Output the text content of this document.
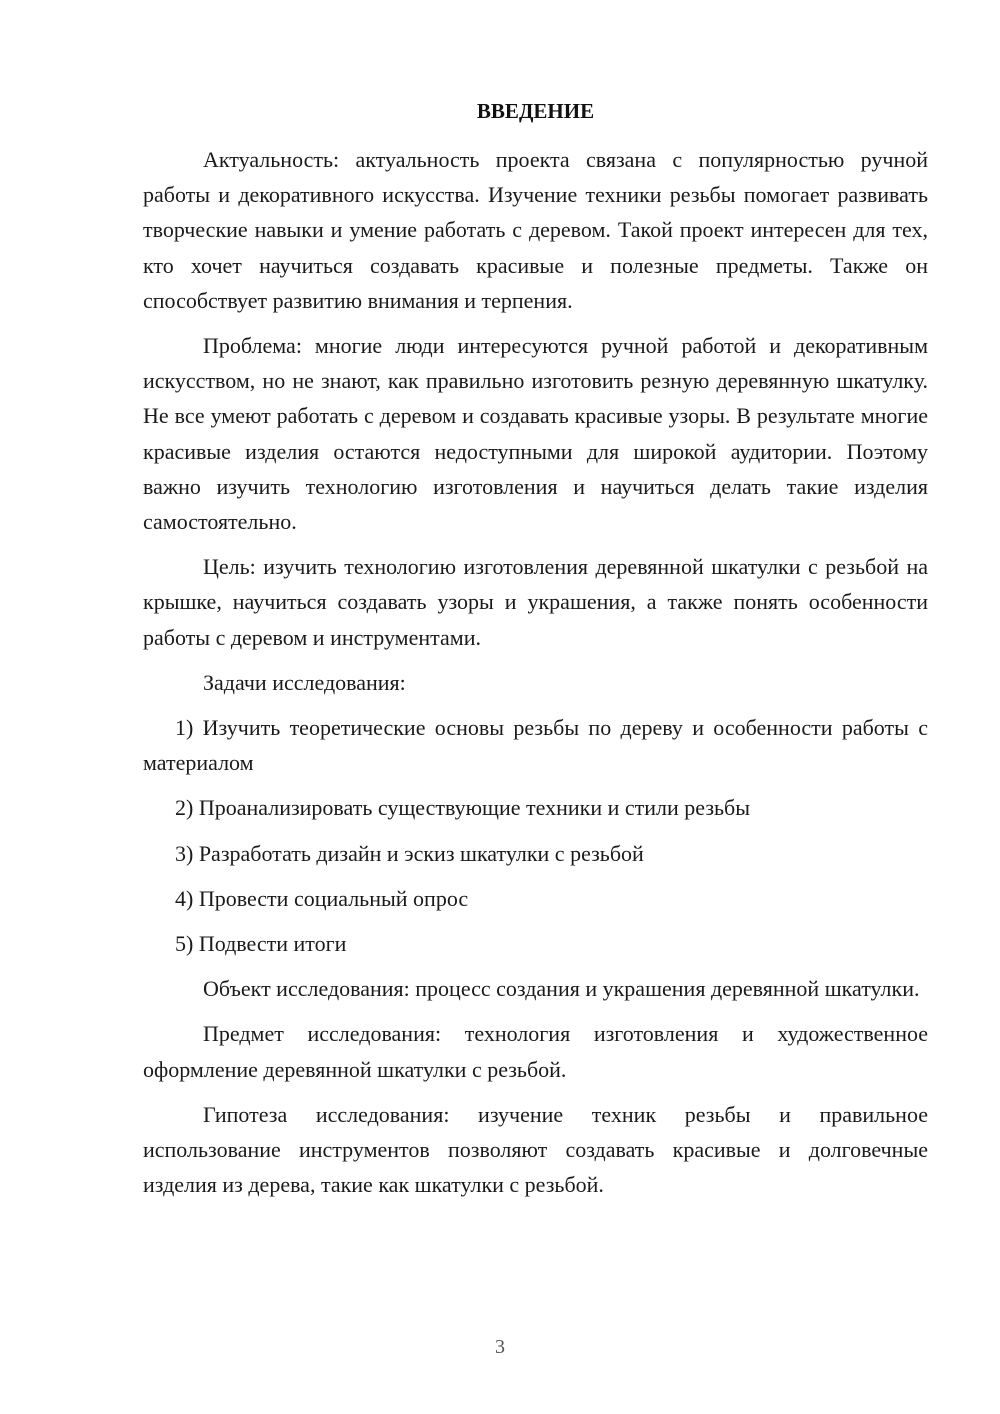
ВВЕДЕНИЕ

Актуальность: актуальность проекта связана с популярностью ручной работы и декоративного искусства. Изучение техники резьбы помогает развивать творческие навыки и умение работать с деревом. Такой проект интересен для тех, кто хочет научиться создавать красивые и полезные предметы. Также он способствует развитию внимания и терпения.

Проблема: многие люди интересуются ручной работой и декоративным искусством, но не знают, как правильно изготовить резную деревянную шкатулку. Не все умеют работать с деревом и создавать красивые узоры. В результате многие красивые изделия остаются недоступными для широкой аудитории. Поэтому важно изучить технологию изготовления и научиться делать такие изделия самостоятельно.

Цель: изучить технологию изготовления деревянной шкатулки с резьбой на крышке, научиться создавать узоры и украшения, а также понять особенности работы с деревом и инструментами.

Задачи исследования:

1) Изучить теоретические основы резьбы по дереву и особенности работы с материалом

2) Проанализировать существующие техники и стили резьбы

3) Разработать дизайн и эскиз шкатулки с резьбой

4) Провести социальный опрос

5) Подвести итоги

Объект исследования: процесс создания и украшения деревянной шкатулки.

Предмет исследования: технология изготовления и художественное оформление деревянной шкатулки с резьбой.

Гипотеза исследования: изучение техник резьбы и правильное использование инструментов позволяют создавать красивые и долговечные изделия из дерева, такие как шкатулки с резьбой.

3
